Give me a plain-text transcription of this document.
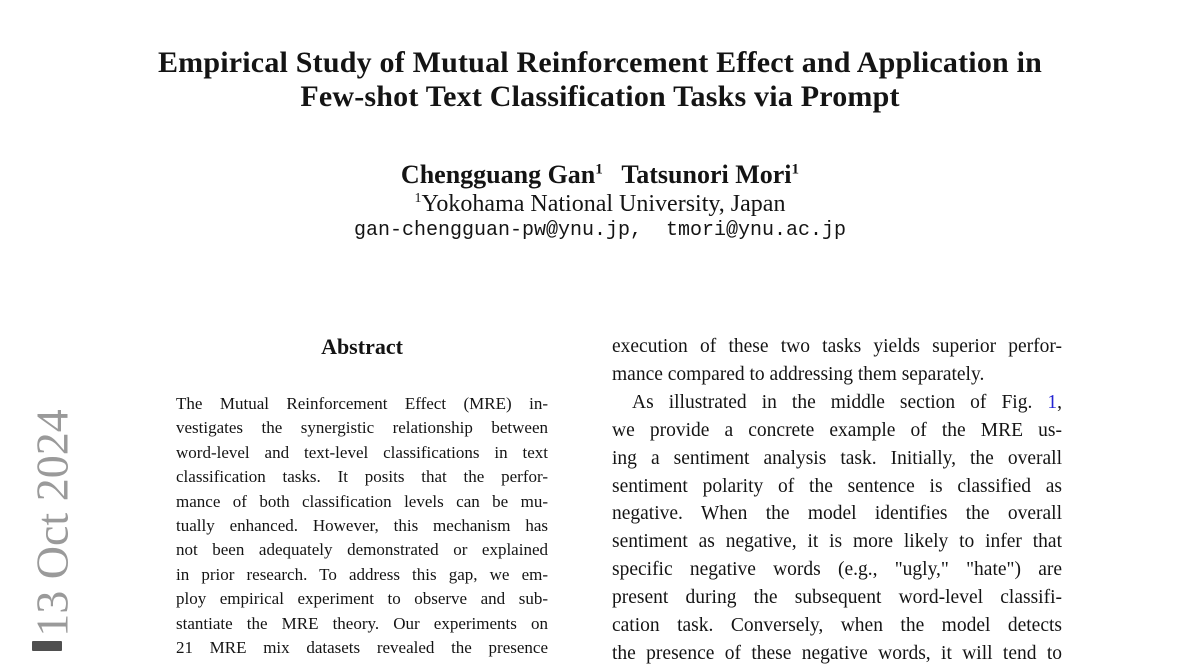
13 Oct 2024
Empirical Study of Mutual Reinforcement Effect and Application in
Few-shot Text Classification Tasks via Prompt
Chengguang Gan$^1$ Tatsunori Mori$^1$
$^1$Yokohama National University, Japan
gan-chengguan-pw@ynu.jp,  tmori@ynu.ac.jp
Abstract
The Mutual Reinforcement Effect (MRE) in-
vestigates the synergistic relationship between
word-level and text-level classifications in text
classification tasks. It posits that the perfor-
mance of both classification levels can be mu-
tually enhanced. However, this mechanism has
not been adequately demonstrated or explained
in prior research. To address this gap, we em-
ploy empirical experiment to observe and sub-
stantiate the MRE theory. Our experiments on
21 MRE mix datasets revealed the presence
execution of these two tasks yields superior perfor-
mance compared to addressing them separately.
As illustrated in the middle section of Fig. 1,
we provide a concrete example of the MRE us-
ing a sentiment analysis task. Initially, the overall
sentiment polarity of the sentence is classified as
negative. When the model identifies the overall
sentiment as negative, it is more likely to infer that
specific negative words (e.g., "ugly," "hate") are
present during the subsequent word-level classifi-
cation task. Conversely, when the model detects
the presence of these negative words, it will tend to
